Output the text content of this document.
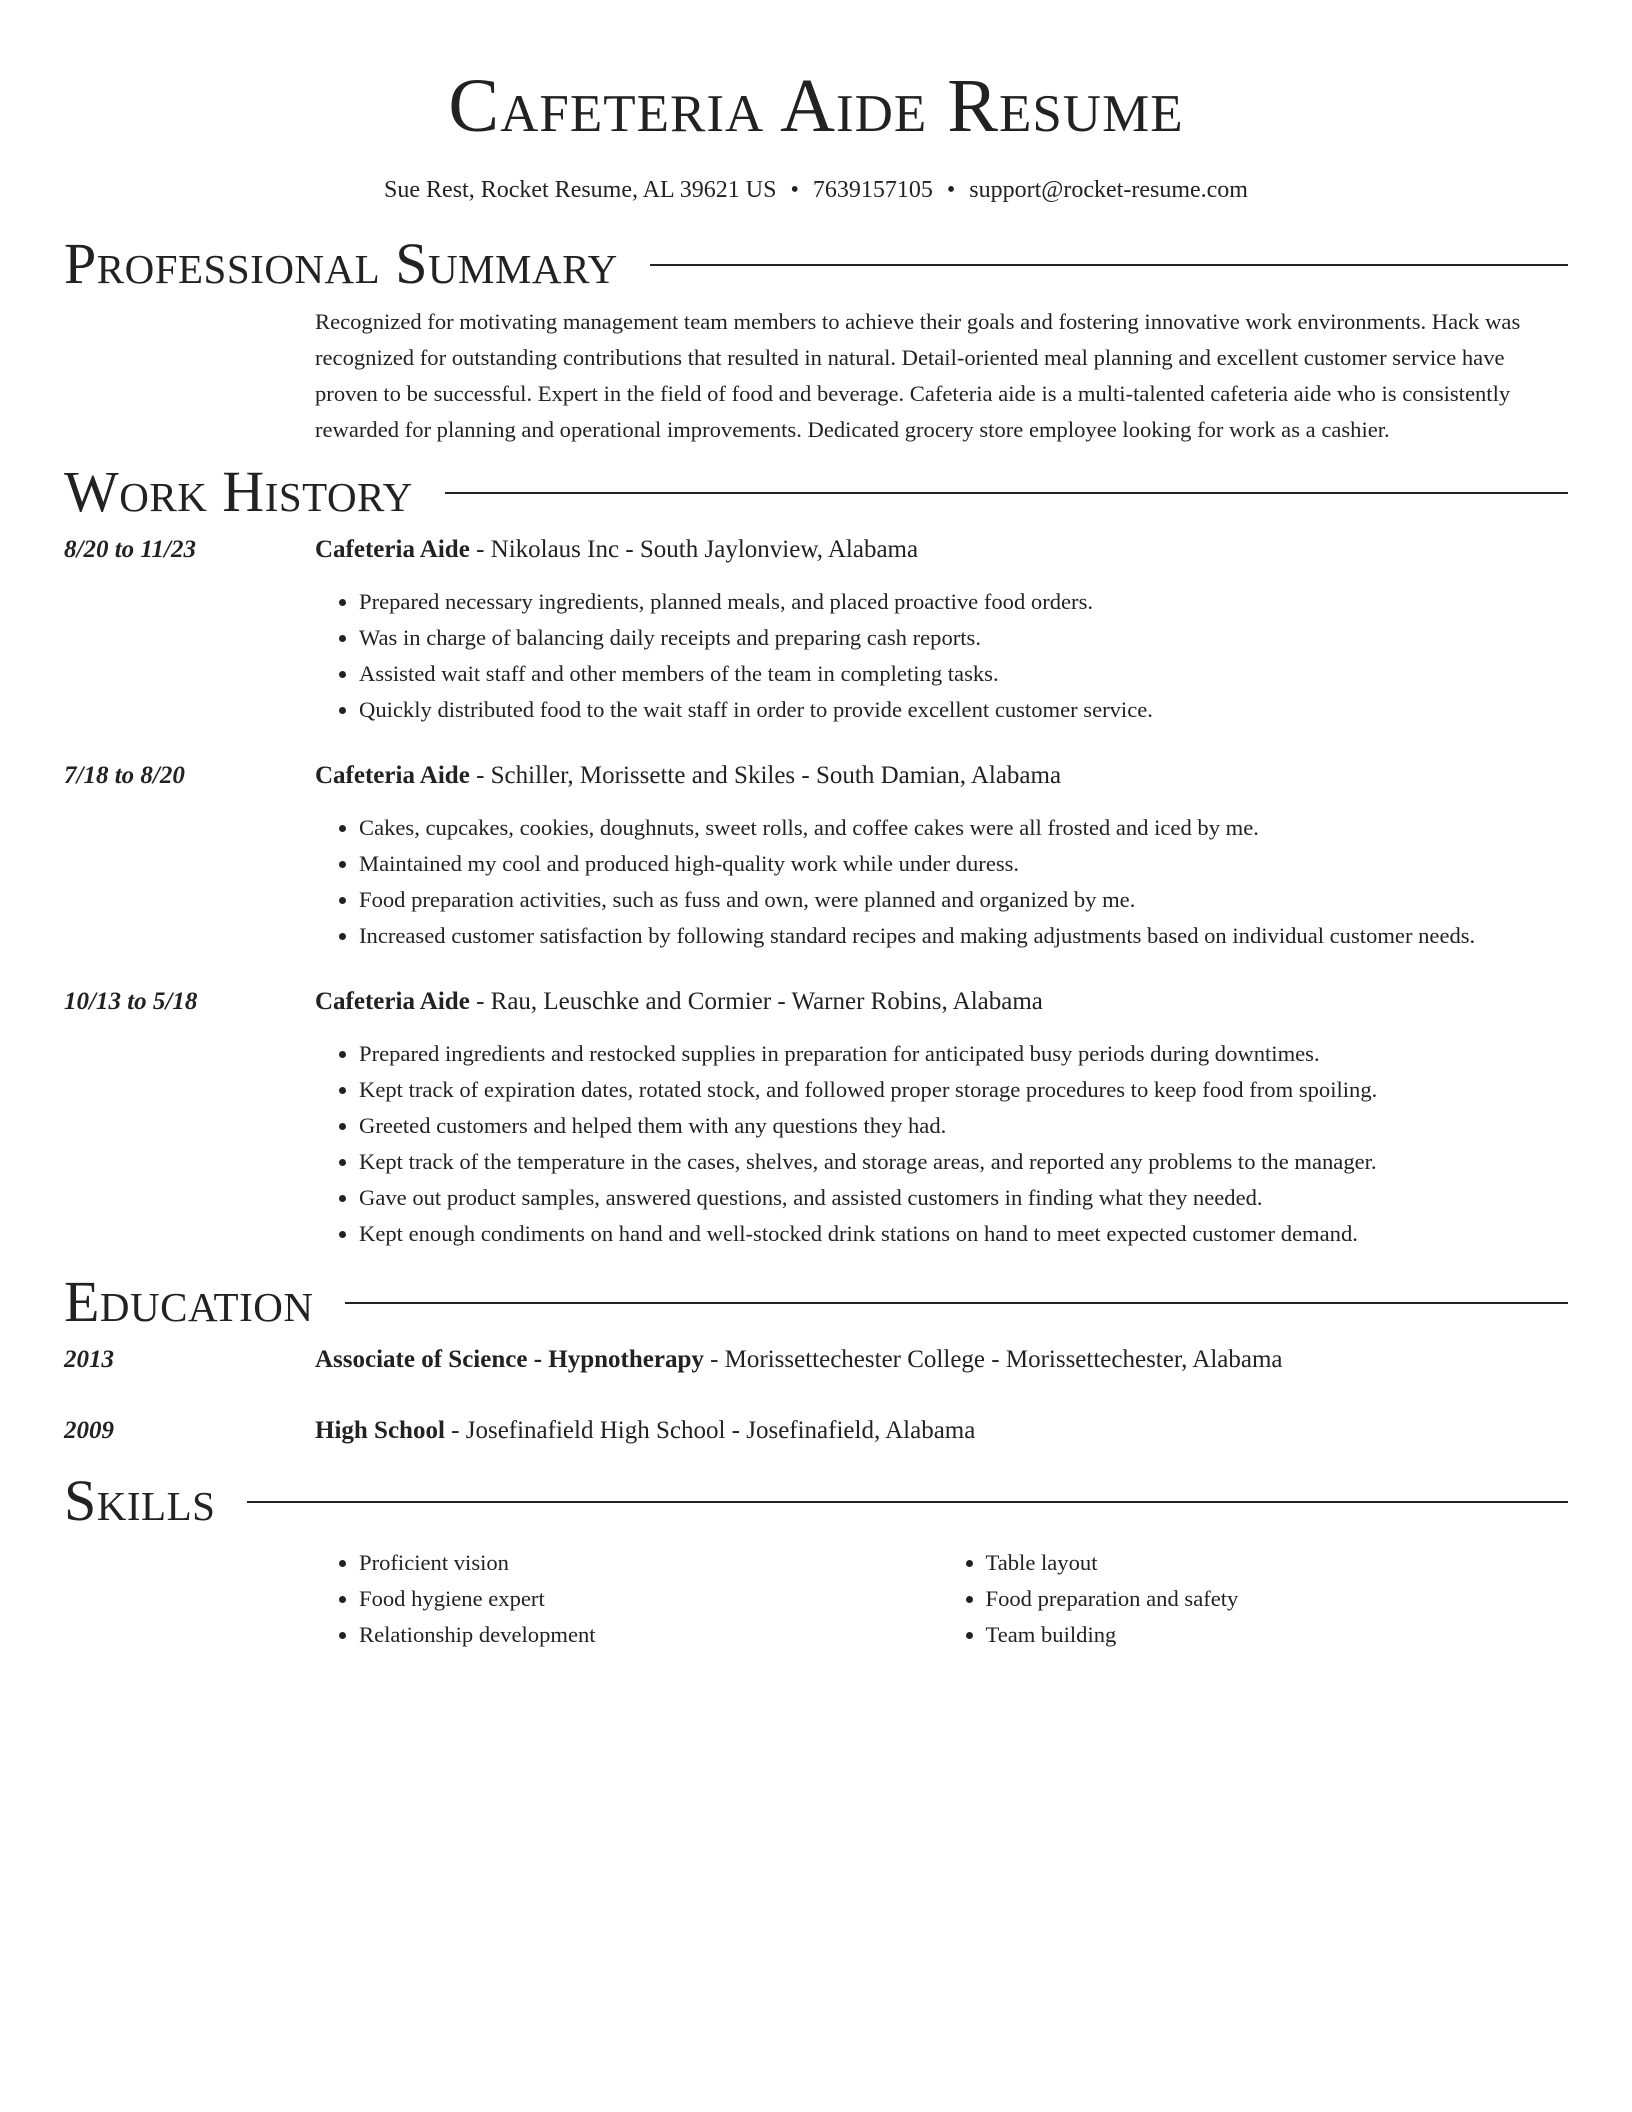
Cafeteria Aide Resume
Sue Rest, Rocket Resume, AL 39621 US • 7639157105 • support@rocket-resume.com
Professional Summary
Recognized for motivating management team members to achieve their goals and fostering innovative work environments. Hack was recognized for outstanding contributions that resulted in natural. Detail-oriented meal planning and excellent customer service have proven to be successful. Expert in the field of food and beverage. Cafeteria aide is a multi-talented cafeteria aide who is consistently rewarded for planning and operational improvements. Dedicated grocery store employee looking for work as a cashier.
Work History
8/20 to 11/23	Cafeteria Aide - Nikolaus Inc - South Jaylonview, Alabama
• Prepared necessary ingredients, planned meals, and placed proactive food orders.
• Was in charge of balancing daily receipts and preparing cash reports.
• Assisted wait staff and other members of the team in completing tasks.
• Quickly distributed food to the wait staff in order to provide excellent customer service.
7/18 to 8/20	Cafeteria Aide - Schiller, Morissette and Skiles - South Damian, Alabama
• Cakes, cupcakes, cookies, doughnuts, sweet rolls, and coffee cakes were all frosted and iced by me.
• Maintained my cool and produced high-quality work while under duress.
• Food preparation activities, such as fuss and own, were planned and organized by me.
• Increased customer satisfaction by following standard recipes and making adjustments based on individual customer needs.
10/13 to 5/18	Cafeteria Aide - Rau, Leuschke and Cormier - Warner Robins, Alabama
• Prepared ingredients and restocked supplies in preparation for anticipated busy periods during downtimes.
• Kept track of expiration dates, rotated stock, and followed proper storage procedures to keep food from spoiling.
• Greeted customers and helped them with any questions they had.
• Kept track of the temperature in the cases, shelves, and storage areas, and reported any problems to the manager.
• Gave out product samples, answered questions, and assisted customers in finding what they needed.
• Kept enough condiments on hand and well-stocked drink stations on hand to meet expected customer demand.
Education
2013	Associate of Science - Hypnotherapy - Morissettechester College - Morissettechester, Alabama
2009	High School - Josefinafield High School - Josefinafield, Alabama
Skills
• Proficient vision
• Food hygiene expert
• Relationship development
• Table layout
• Food preparation and safety
• Team building
